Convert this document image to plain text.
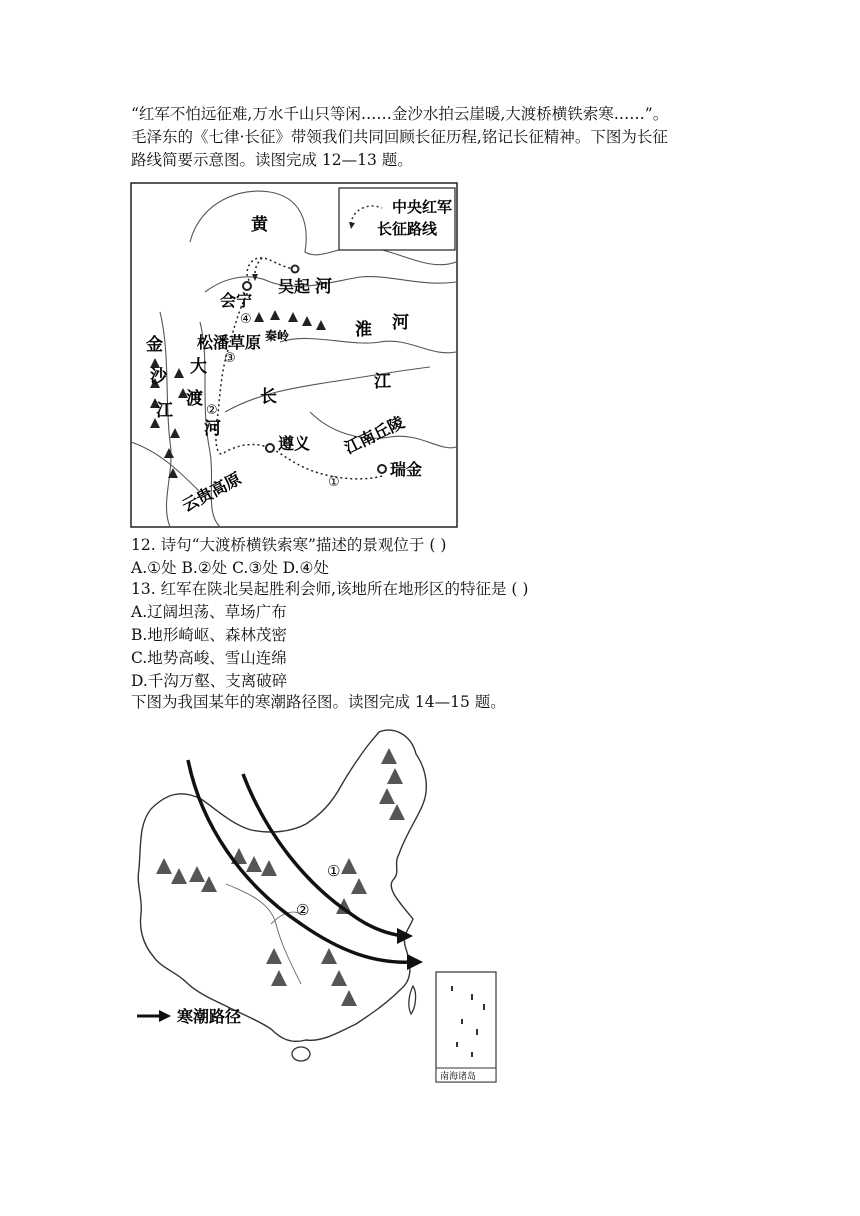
“红军不怕远征难,万水千山只等闲……金沙水拍云崖暖,大渡桥横铁索寒……”。
毛泽东的《七律·长征》带领我们共同回顾长征历程,铭记长征精神。下图为长征
路线简要示意图。读图完成 12—13 题。
黄
河
吴起
会宁
淮 河
秦岭
松潘草原
金
沙
江
大
渡
河
长
江
江南丘陵
遵义
瑞金
云贵高原
中央红军
长征路线
①
②
③
④
12. 诗句“大渡桥横铁索寒”描述的景观位于 ( )
A.①处 B.②处 C.③处 D.④处
13. 红军在陕北吴起胜利会师,该地所在地形区的特征是 ( )
A.辽阔坦荡、草场广布
B.地形崎岖、森林茂密
C.地势高峻、雪山连绵
D.千沟万壑、支离破碎
下图为我国某年的寒潮路径图。读图完成 14—15 题。
寒潮路径
①
②
南海诸岛
